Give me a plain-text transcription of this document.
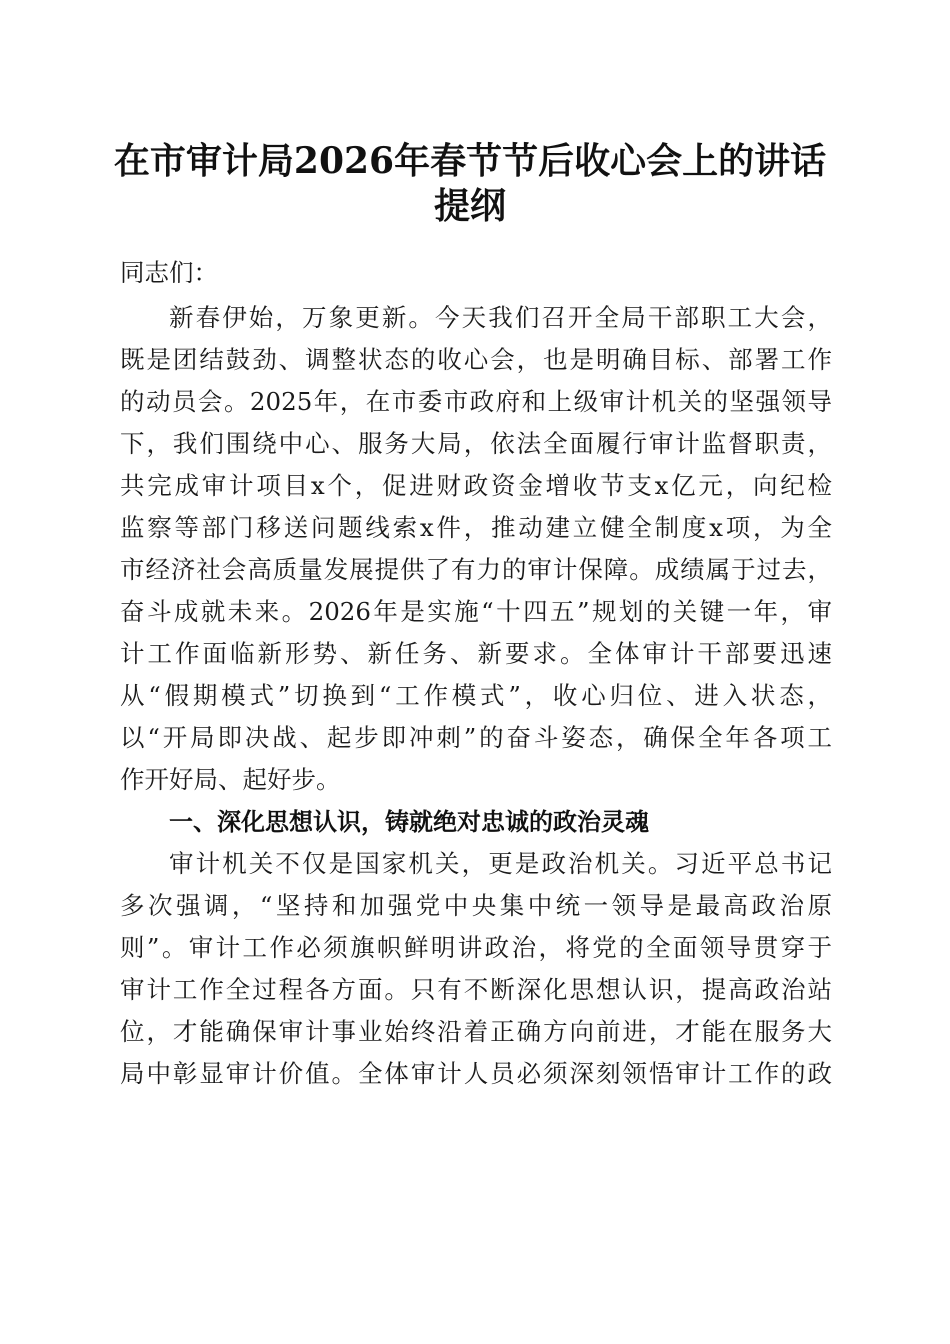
在市审计局2026年春节节后收心会上的讲话
提纲
同志们：
新春伊始，万象更新。今天我们召开全局干部职工大会，
既是团结鼓劲、调整状态的收心会，也是明确目标、部署工作
的动员会。2025年，在市委市政府和上级审计机关的坚强领导
下，我们围绕中心、服务大局，依法全面履行审计监督职责，
共完成审计项目x个，促进财政资金增收节支x亿元，向纪检
监察等部门移送问题线索x件，推动建立健全制度x项，为全
市经济社会高质量发展提供了有力的审计保障。成绩属于过去，
奋斗成就未来。2026年是实施“十四五”规划的关键一年，审
计工作面临新形势、新任务、新要求。全体审计干部要迅速
从“假期模式”切换到“工作模式”，收心归位、进入状态，
以“开局即决战、起步即冲刺”的奋斗姿态，确保全年各项工
作开好局、起好步。
一、深化思想认识，铸就绝对忠诚的政治灵魂
审计机关不仅是国家机关，更是政治机关。习近平总书记
多次强调，“坚持和加强党中央集中统一领导是最高政治原
则”。审计工作必须旗帜鲜明讲政治，将党的全面领导贯穿于
审计工作全过程各方面。只有不断深化思想认识，提高政治站
位，才能确保审计事业始终沿着正确方向前进，才能在服务大
局中彰显审计价值。全体审计人员必须深刻领悟审计工作的政
